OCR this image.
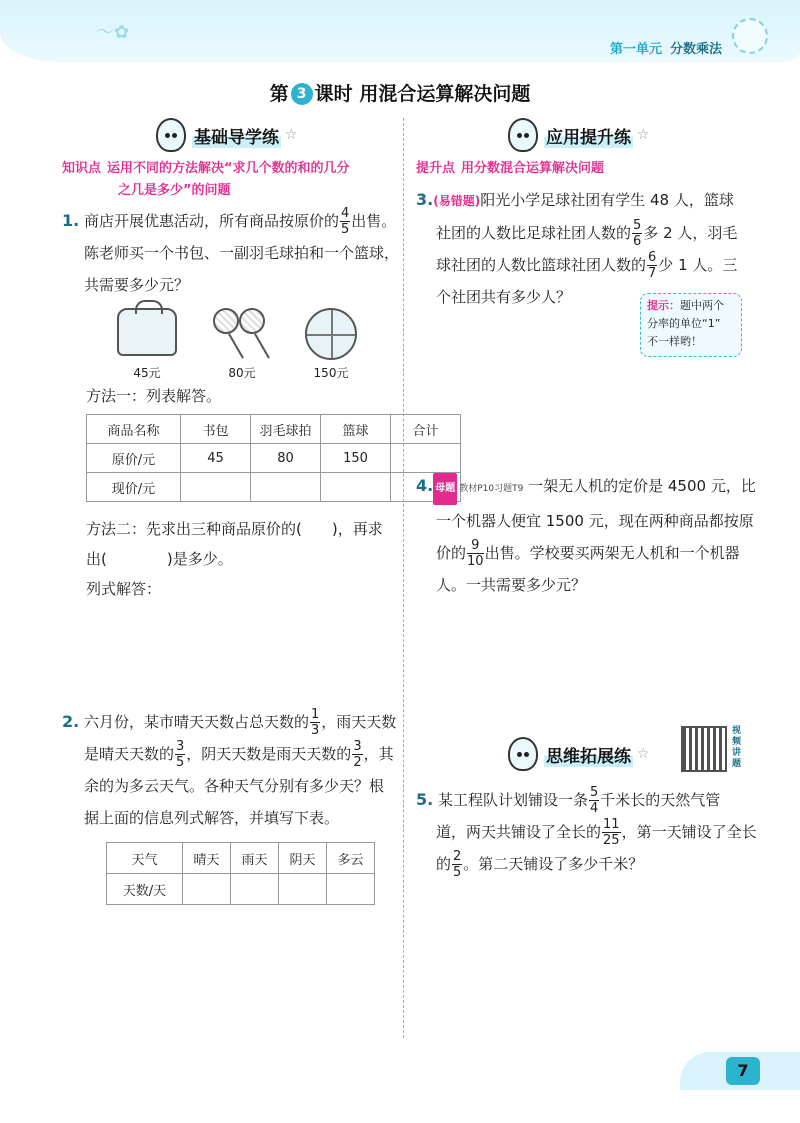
〜✿
第一单元 分数乘法
第 3 课时 用混合运算解决问题
基础导学练 ☆
知识点 运用不同的方法解决“求几个数的和的几分
之几是多少”的问题
1. 商店开展优惠活动，所有商品按原价的 $\frac{4}{5}$ 出售。
陈老师买一个书包、一副羽毛球拍和一个篮球，
共需要多少元？
45元	80元	150元
方法一：列表解答。
商品名称	书包	羽毛球拍	篮球	合计
原价/元	45	80	150	
现价/元				
方法二：先求出三种商品原价的(　　)，再求
出(　　　　)是多少。
列式解答：
2. 六月份，某市晴天天数占总天数的 $\frac{1}{3}$ ，雨天天数
是晴天天数的 $\frac{3}{5}$ ，阴天天数是雨天天数的 $\frac{3}{2}$ ，其
余的为多云天气。各种天气分别有多少天？根
据上面的信息列式解答，并填写下表。
天气	晴天	雨天	阴天	多云
天数/天				
应用提升练 ☆
提升点 用分数混合运算解决问题
3.(易错题)阳光小学足球社团有学生 48 人，篮球
社团的人数比足球社团人数的 $\frac{5}{6}$ 多 2 人，羽毛
球社团的人数比篮球社团人数的 $\frac{6}{7}$ 少 1 人。三
个社团共有多少人？	提示：题中两个
分率的单位“1”
不一样哟！
4. 母题 教材P10习题T9 一架无人机的定价是 4500 元，比
一个机器人便宜 1500 元，现在两种商品都按原
价的 $\frac{9}{10}$ 出售。学校要买两架无人机和一个机器
人。一共需要多少元？
思维拓展练 ☆
视频讲题
5. 某工程队计划铺设一条 $\frac{5}{4}$ 千米长的天然气管
道，两天共铺设了全长的 $\frac{11}{25}$ ，第一天铺设了全长
的 $\frac{2}{5}$ 。第二天铺设了多少千米？
7
